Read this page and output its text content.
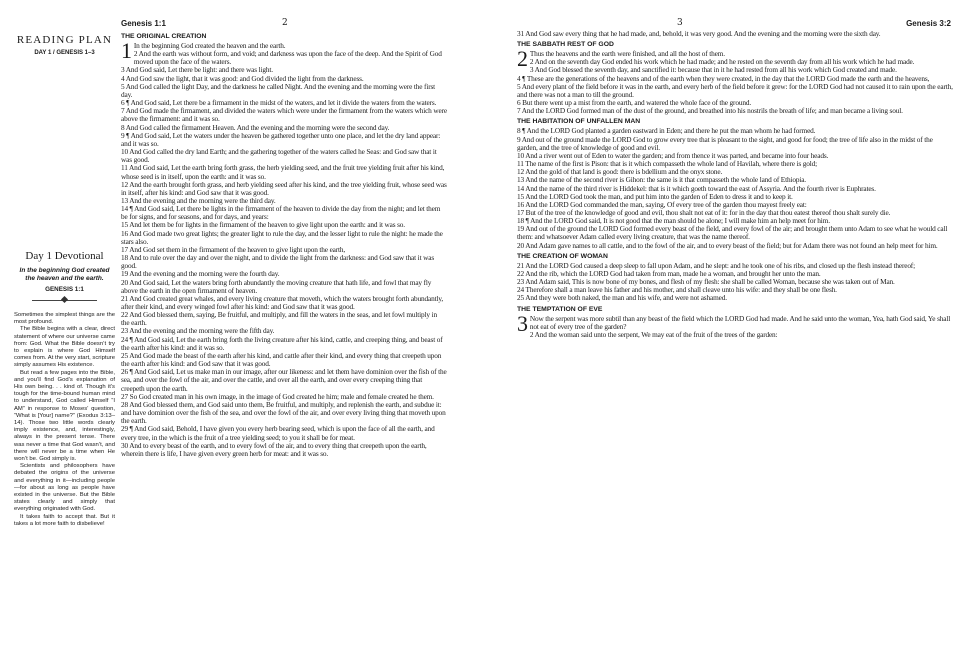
Genesis 1:1	2	3	Genesis 3:2
READING PLAN
DAY 1 / GENESIS 1–3
Day 1 Devotional
In the beginning God created the heaven and the earth.
GENESIS 1:1

Sometimes the simplest things are the most profound.

The Bible begins with a clear, direct statement of where our universe came from: God. What the Bible doesn’t try to explain is where God Himself comes from. At the very start, scripture simply assumes His existence.

But read a few pages into the Bible, and you’ll find God’s explanation of His own being. . . kind of. Though it’s tough for the time-bound human mind to understand, God called Himself “I AM” in response to Moses’ question, “What is [Your] name?” (Exodus 3:13–14). Those two little words clearly imply existence, and, interestingly, always in the present tense. There was never a time that God wasn’t, and there will never be a time when He won’t be. God simply is.

Scientists and philosophers have debated the origins of the universe and everything in it—including people—for about as long as people have existed in the universe. But the Bible states clearly and simply that everything originated with God.

It takes faith to accept that. But it takes a lot more faith to disbelieve!

THE ORIGINAL CREATION

1 In the beginning God created the heaven and the earth.

2 And the earth was without form, and void; and darkness was upon the face of the deep. And the Spirit of God moved upon the face of the waters.

3 And God said, Let there be light: and there was light.

4 And God saw the light, that it was good: and God divided the light from the darkness.

5 And God called the light Day, and the darkness he called Night. And the evening and the morning were the first day.

6 ¶ And God said, Let there be a firmament in the midst of the waters, and let it divide the waters from the waters.

7 And God made the firmament, and divided the waters which were under the firmament from the waters which were above the firmament: and it was so.

8 And God called the firmament Heaven. And the evening and the morning were the second day.

9 ¶ And God said, Let the waters under the heaven be gathered together unto one place, and let the dry land appear: and it was so.

10 And God called the dry land Earth; and the gathering together of the waters called he Seas: and God saw that it was good.

11 And God said, Let the earth bring forth grass, the herb yielding seed, and the fruit tree yielding fruit after his kind, whose seed is in itself, upon the earth: and it was so.

12 And the earth brought forth grass, and herb yielding seed after his kind, and the tree yielding fruit, whose seed was in itself, after his kind: and God saw that it was good.

13 And the evening and the morning were the third day.

14 ¶ And God said, Let there be lights in the firmament of the heaven to divide the day from the night; and let them be for signs, and for seasons, and for days, and years:

15 And let them be for lights in the firmament of the heaven to give light upon the earth: and it was so.

16 And God made two great lights; the greater light to rule the day, and the lesser light to rule the night: he made the stars also.

17 And God set them in the firmament of the heaven to give light upon the earth,

18 And to rule over the day and over the night, and to divide the light from the darkness: and God saw that it was good.

19 And the evening and the morning were the fourth day.

20 And God said, Let the waters bring forth abundantly the moving creature that hath life, and fowl that may fly above the earth in the open firmament of heaven.

21 And God created great whales, and every living creature that moveth, which the waters brought forth abundantly, after their kind, and every winged fowl after his kind: and God saw that it was good.

22 And God blessed them, saying, Be fruitful, and multiply, and fill the waters in the seas, and let fowl multiply in the earth.

23 And the evening and the morning were the fifth day.

24 ¶ And God said, Let the earth bring forth the living creature after his kind, cattle, and creeping thing, and beast of the earth after his kind: and it was so.

25 And God made the beast of the earth after his kind, and cattle after their kind, and every thing that creepeth upon the earth after his kind: and God saw that it was good.

26 ¶ And God said, Let us make man in our image, after our likeness: and let them have dominion over the fish of the sea, and over the fowl of the air, and over the cattle, and over all the earth, and over every creeping thing that creepeth upon the earth.

27 So God created man in his own image, in the image of God created he him; male and female created he them.

28 And God blessed them, and God said unto them, Be fruitful, and multiply, and replenish the earth, and subdue it: and have dominion over the fish of the sea, and over the fowl of the air, and over every living thing that moveth upon the earth.

29 ¶ And God said, Behold, I have given you every herb bearing seed, which is upon the face of all the earth, and every tree, in the which is the fruit of a tree yielding seed; to you it shall be for meat.

30 And to every beast of the earth, and to every fowl of the air, and to every thing that creepeth upon the earth, wherein there is life, I have given every green herb for meat: and it was so.

31 And God saw every thing that he had made, and, behold, it was very good. And the evening and the morning were the sixth day.

THE SABBATH REST OF GOD

2 Thus the heavens and the earth were finished, and all the host of them.

2 And on the seventh day God ended his work which he had made; and he rested on the seventh day from all his work which he had made.

3 And God blessed the seventh day, and sanctified it: because that in it he had rested from all his work which God created and made.

4 ¶ These are the generations of the heavens and of the earth when they were created, in the day that the LORD God made the earth and the heavens,

5 And every plant of the field before it was in the earth, and every herb of the field before it grew: for the LORD God had not caused it to rain upon the earth, and there was not a man to till the ground.

6 But there went up a mist from the earth, and watered the whole face of the ground.

7 And the LORD God formed man of the dust of the ground, and breathed into his nostrils the breath of life; and man became a living soul.

THE HABITATION OF UNFALLEN MAN

8 ¶ And the LORD God planted a garden eastward in Eden; and there he put the man whom he had formed.

9 And out of the ground made the LORD God to grow every tree that is pleasant to the sight, and good for food; the tree of life also in the midst of the garden, and the tree of knowledge of good and evil.

10 And a river went out of Eden to water the garden; and from thence it was parted, and became into four heads.

11 The name of the first is Pison: that is it which compasseth the whole land of Havilah, where there is gold;

12 And the gold of that land is good: there is bdellium and the onyx stone.

13 And the name of the second river is Gihon: the same is it that compasseth the whole land of Ethiopia.

14 And the name of the third river is Hiddekel: that is it which goeth toward the east of Assyria. And the fourth river is Euphrates.

15 And the LORD God took the man, and put him into the garden of Eden to dress it and to keep it.

16 And the LORD God commanded the man, saying, Of every tree of the garden thou mayest freely eat:

17 But of the tree of the knowledge of good and evil, thou shalt not eat of it: for in the day that thou eatest thereof thou shalt surely die.

18 ¶ And the LORD God said, It is not good that the man should be alone; I will make him an help meet for him.

19 And out of the ground the LORD God formed every beast of the field, and every fowl of the air; and brought them unto Adam to see what he would call them: and whatsoever Adam called every living creature, that was the name thereof.

20 And Adam gave names to all cattle, and to the fowl of the air, and to every beast of the field; but for Adam there was not found an help meet for him.

THE CREATION OF WOMAN

21 And the LORD God caused a deep sleep to fall upon Adam, and he slept: and he took one of his ribs, and closed up the flesh instead thereof;

22 And the rib, which the LORD God had taken from man, made he a woman, and brought her unto the man.

23 And Adam said, This is now bone of my bones, and flesh of my flesh: she shall be called Woman, because she was taken out of Man.

24 Therefore shall a man leave his father and his mother, and shall cleave unto his wife: and they shall be one flesh.

25 And they were both naked, the man and his wife, and were not ashamed.

THE TEMPTATION OF EVE

3 Now the serpent was more subtil than any beast of the field which the LORD God had made. And he said unto the woman, Yea, hath God said, Ye shall not eat of every tree of the garden?

2 And the woman said unto the serpent, We may eat of the fruit of the trees of the garden:
